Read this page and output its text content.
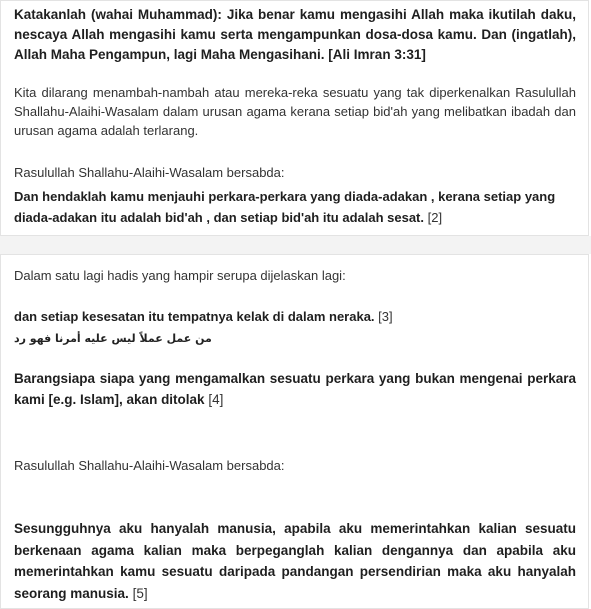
Katakanlah (wahai Muhammad): Jika benar kamu mengasihi Allah maka ikutilah daku, nescaya Allah mengasihi kamu serta mengampunkan dosa-dosa kamu. Dan (ingatlah), Allah Maha Pengampun, lagi Maha Mengasihani. [Ali Imran 3:31]

Kita dilarang menambah-nambah atau mereka-reka sesuatu yang tak diperkenalkan Rasulullah Shallahu-Alaihi-Wasalam dalam urusan agama kerana setiap bid'ah yang melibatkan ibadah dan urusan agama adalah terlarang.

Rasulullah Shallahu-Alaihi-Wasalam bersabda:

Dan hendaklah kamu menjauhi perkara-perkara yang diada-adakan , kerana setiap yang diada-adakan itu adalah bid'ah , dan setiap bid'ah itu adalah sesat. [2]

Dalam satu lagi hadis yang hampir serupa dijelaskan lagi:

dan setiap kesesatan itu tempatnya kelak di dalam neraka. [3]

من عمل عملاً ليس عليه أمرنا فهو رد

Barangsiapa siapa yang mengamalkan sesuatu perkara yang bukan mengenai perkara kami [e.g. Islam], akan ditolak [4]

Rasulullah Shallahu-Alaihi-Wasalam bersabda:

Sesungguhnya aku hanyalah manusia, apabila aku memerintahkan kalian sesuatu berkenaan agama kalian maka berpeganglah kalian dengannya dan apabila aku memerintahkan kamu sesuatu daripada pandangan persendirian maka aku hanyalah seorang manusia. [5]
